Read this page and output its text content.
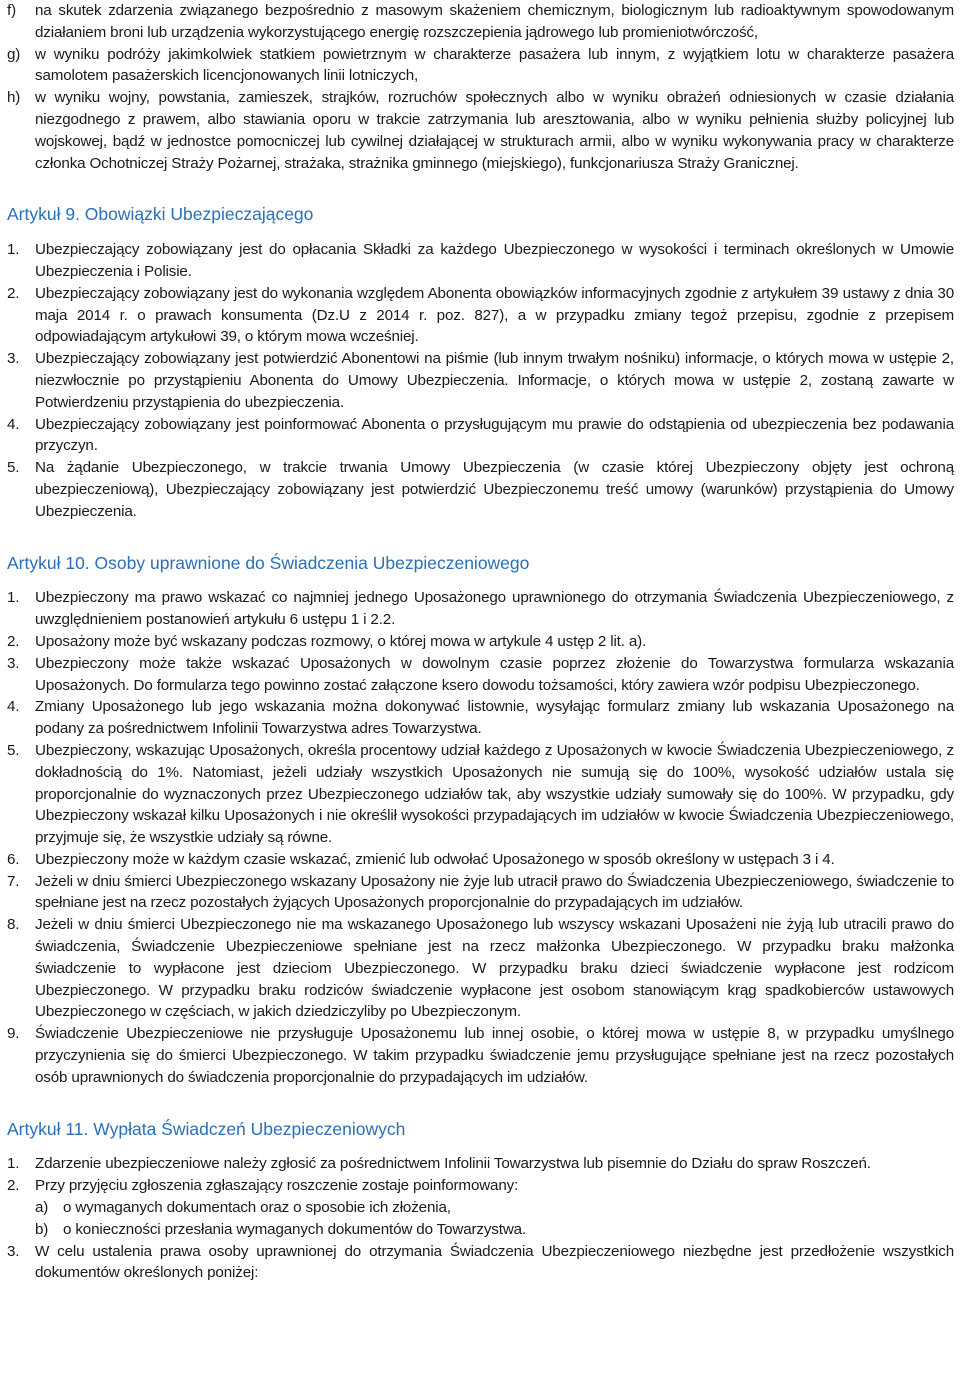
f)	na skutek zdarzenia związanego bezpośrednio z masowym skażeniem chemicznym, biologicznym lub radioaktywnym spowodowanym działaniem broni lub urządzenia wykorzystującego energię rozszczepienia jądrowego lub promieniotwórczość,
g) w wyniku podróży jakimkolwiek statkiem powietrznym w charakterze pasażera lub innym, z wyjątkiem lotu w charakterze pasażera samolotem pasażerskich licencjonowanych linii lotniczych,
h) w wyniku wojny, powstania, zamieszek, strajków, rozruchów społecznych albo w wyniku obrażeń odniesionych w czasie działania niezgodnego z prawem, albo stawiania oporu w trakcie zatrzymania lub aresztowania, albo w wyniku pełnienia służby policyjnej lub wojskowej, bądź w jednostce pomocniczej lub cywilnej działającej w strukturach armii, albo w wyniku wykonywania pracy w charakterze członka Ochotniczej Straży Pożarnej, strażaka, strażnika gminnego (miejskiego), funkcjonariusza Straży Granicznej.
Artykuł 9. Obowiązki Ubezpieczającego
1.	Ubezpieczający zobowiązany jest do opłacania Składki za każdego Ubezpieczonego w wysokości i terminach określonych w Umowie Ubezpieczenia i Polisie.
2.	Ubezpieczający zobowiązany jest do wykonania względem Abonenta obowiązków informacyjnych zgodnie z artykułem 39 ustawy z dnia 30 maja 2014 r. o prawach konsumenta (Dz.U z 2014 r. poz. 827), a w przypadku zmiany tegoż przepisu, zgodnie z przepisem odpowiadającym artykułowi 39, o którym mowa wcześniej.
3.	Ubezpieczający zobowiązany jest potwierdzić Abonentowi na piśmie (lub innym trwałym nośniku) informacje, o których mowa w ustępie 2, niezwłocznie po przystąpieniu Abonenta do Umowy Ubezpieczenia. Informacje, o których mowa w ustępie 2, zostaną zawarte w Potwierdzeniu przystąpienia do ubezpieczenia.
4.	Ubezpieczający zobowiązany jest poinformować Abonenta o przysługującym mu prawie do odstąpienia od ubezpieczenia bez podawania przyczyn.
5.	Na żądanie Ubezpieczonego, w trakcie trwania Umowy Ubezpieczenia (w czasie której Ubezpieczony objęty jest ochroną ubezpieczeniową), Ubezpieczający zobowiązany jest potwierdzić Ubezpieczonemu treść umowy (warunków) przystąpienia do Umowy Ubezpieczenia.
Artykuł 10. Osoby uprawnione do Świadczenia Ubezpieczeniowego
1.	Ubezpieczony ma prawo wskazać co najmniej jednego Uposażonego uprawnionego do otrzymania Świadczenia Ubezpieczeniowego, z uwzględnieniem postanowień artykułu 6 ustępu 1 i 2.2.
2.	Uposażony może być wskazany podczas rozmowy, o której mowa w artykule 4 ustęp 2 lit. a).
3.	Ubezpieczony może także wskazać Uposażonych w dowolnym czasie poprzez złożenie do Towarzystwa formularza wskazania Uposażonych. Do formularza tego powinno zostać załączone ksero dowodu tożsamości, który zawiera wzór podpisu Ubezpieczonego.
4.	Zmiany Uposażonego lub jego wskazania można dokonywać listownie, wysyłając formularz zmiany lub wskazania Uposażonego na podany za pośrednictwem Infolinii Towarzystwa adres Towarzystwa.
5.	Ubezpieczony, wskazując Uposażonych, określa procentowy udział każdego z Uposażonych w kwocie Świadczenia Ubezpieczeniowego, z dokładnością do 1%. Natomiast, jeżeli udziały wszystkich Uposażonych nie sumują się do 100%, wysokość udziałów ustala się proporcjonalnie do wyznaczonych przez Ubezpieczonego udziałów tak, aby wszystkie udziały sumowały się do 100%. W przypadku, gdy Ubezpieczony wskazał kilku Uposażonych i nie określił wysokości przypadających im udziałów w kwocie Świadczenia Ubezpieczeniowego, przyjmuje się, że wszystkie udziały są równe.
6.	Ubezpieczony może w każdym czasie wskazać, zmienić lub odwołać Uposażonego w sposób określony w ustępach 3 i 4.
7.	Jeżeli w dniu śmierci Ubezpieczonego wskazany Uposażony nie żyje lub utracił prawo do Świadczenia Ubezpieczeniowego, świadczenie to spełniane jest na rzecz pozostałych żyjących Uposażonych proporcjonalnie do przypadających im udziałów.
8.	Jeżeli w dniu śmierci Ubezpieczonego nie ma wskazanego Uposażonego lub wszyscy wskazani Uposażeni nie żyją lub utracili prawo do świadczenia, Świadczenie Ubezpieczeniowe spełniane jest na rzecz małżonka Ubezpieczonego. W przypadku braku małżonka świadczenie to wypłacone jest dzieciom Ubezpieczonego. W przypadku braku dzieci świadczenie wypłacone jest rodzicom Ubezpieczonego. W przypadku braku rodziców świadczenie wypłacone jest osobom stanowiącym krąg spadkobierców ustawowych Ubezpieczonego w częściach, w jakich dziedziczyliby po Ubezpieczonym.
9.	Świadczenie Ubezpieczeniowe nie przysługuje Uposażonemu lub innej osobie, o której mowa w ustępie 8, w przypadku umyślnego przyczynienia się do śmierci Ubezpieczonego. W takim przypadku świadczenie jemu przysługujące spełniane jest na rzecz pozostałych osób uprawnionych do świadczenia proporcjonalnie do przypadających im udziałów.
Artykuł 11. Wypłata Świadczeń Ubezpieczeniowych
1.	Zdarzenie ubezpieczeniowe należy zgłosić za pośrednictwem Infolinii Towarzystwa lub pisemnie do Działu do spraw Roszczeń.
2.	Przy przyjęciu zgłoszenia zgłaszający roszczenie zostaje poinformowany:
a) o wymaganych dokumentach oraz o sposobie ich złożenia,
b) o konieczności przesłania wymaganych dokumentów do Towarzystwa.
3.	W celu ustalenia prawa osoby uprawnionej do otrzymania Świadczenia Ubezpieczeniowego niezbędne jest przedłożenie wszystkich dokumentów określonych poniżej:
